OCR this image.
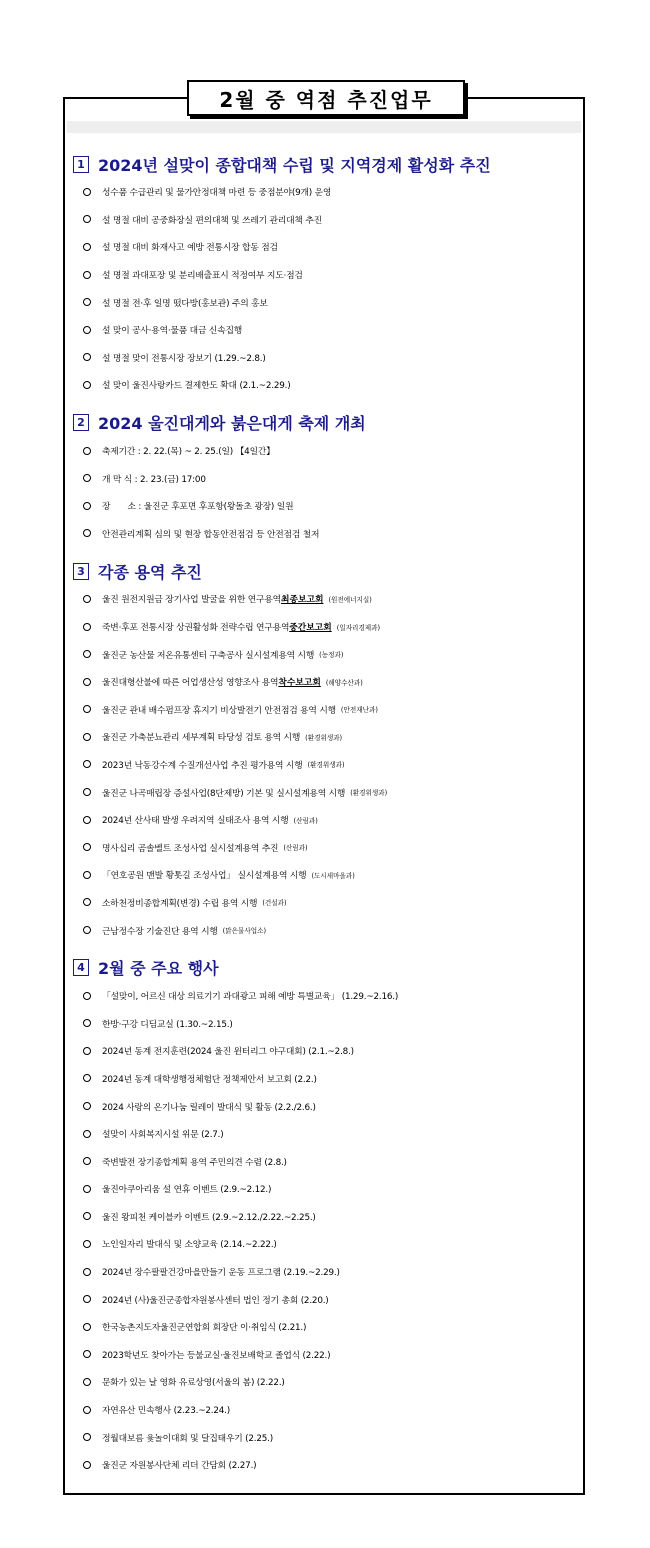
2월 중 역점 추진업무
1 2024년 설맞이 종합대책 수립 및 지역경제 활성화 추진
성수품 수급관리 및 물가안정대책 마련 등 중점분야(9개) 운영
설 명절 대비 공중화장실 편의대책 및 쓰레기 관리대책 추진
설 명절 대비 화재사고 예방 전통시장 합동 점검
설 명절 과대포장 및 분리배출표시 적정여부 지도·점검
설 명절 전·후 일명 떴다방(홍보관) 주의 홍보
설 맞이 공사·용역·물품 대금 신속집행
설 명절 맞이 전통시장 장보기 (1.29.~2.8.)
설 맞이 울진사랑카드 결제한도 확대 (2.1.~2.29.)
2 2024 울진대게와 붉은대게 축제 개최
축제기간 : 2. 22.(목) ~ 2. 25.(일) 【4일간】
개 막 식 : 2. 23.(금) 17:00
장　　소 : 울진군 후포면 후포항(왕돌초 광장) 일원
안전관리계획 심의 및 현장 합동안전점검 등 안전점검 철저
3 각종 용역 추진
울진 원전지원금 장기사업 발굴을 위한 연구용역 최종보고회 (원전에너지실)
죽변·후포 전통시장 상권활성화 전략수립 연구용역 중간보고회 (일자리경제과)
울진군 농산물 저온유통센터 구축공사 실시설계용역 시행 (농정과)
울진대형산불에 따른 어업생산성 영향조사 용역 착수보고회 (해양수산과)
울진군 관내 배수펌프장 휴지기 비상발전기 안전점검 용역 시행 (안전재난과)
울진군 가축분뇨관리 세부계획 타당성 검토 용역 시행 (환경위생과)
2023년 낙동강수계 수질개선사업 추진 평가용역 시행 (환경위생과)
울진군 나곡매립장 증설사업(8단제방) 기본 및 실시설계용역 시행 (환경위생과)
2024년 산사태 발생 우려지역 실태조사 용역 시행 (산림과)
명사십리 곰솔벨트 조성사업 실시설계용역 추진 (산림과)
「연호공원 맨발 황톳길 조성사업」 실시설계용역 시행 (도시새마을과)
소하천정비종합계획(변경) 수립 용역 시행 (건설과)
근남정수장 기술진단 용역 시행 (맑은물사업소)
4 2월 중 주요 행사
「설맞이, 어르신 대상 의료기기 과대광고 피해 예방 특별교육」 (1.29.~2.16.)
한방·구강 디딤교실 (1.30.~2.15.)
2024년 동계 전지훈련(2024 울진 윈터리그 야구대회) (2.1.~2.8.)
2024년 동계 대학생행정체험단 정책제안서 보고회 (2.2.)
2024 사랑의 온기나눔 릴레이 발대식 및 활동 (2.2./2.6.)
설맞이 사회복지시설 위문 (2.7.)
죽변발전 장기종합계획 용역 주민의견 수렴 (2.8.)
울진아쿠아리움 설 연휴 이벤트 (2.9.~2.12.)
울진 왕피천 케이블카 이벤트 (2.9.~2.12./2.22.~2.25.)
노인일자리 발대식 및 소양교육 (2.14.~2.22.)
2024년 장수팔팔건강마을만들기 운동 프로그램 (2.19.~2.29.)
2024년 (사)울진군종합자원봉사센터 법인 정기 총회 (2.20.)
한국농촌지도자울진군연합회 회장단 이·취임식 (2.21.)
2023학년도 찾아가는 등불교실·울진보배학교 졸업식 (2.22.)
문화가 있는 날 영화 유료상영(서울의 봄) (2.22.)
자연유산 민속행사 (2.23.~2.24.)
정월대보름 윷놀이대회 및 달집태우기 (2.25.)
울진군 자원봉사단체 리더 간담회 (2.27.)
